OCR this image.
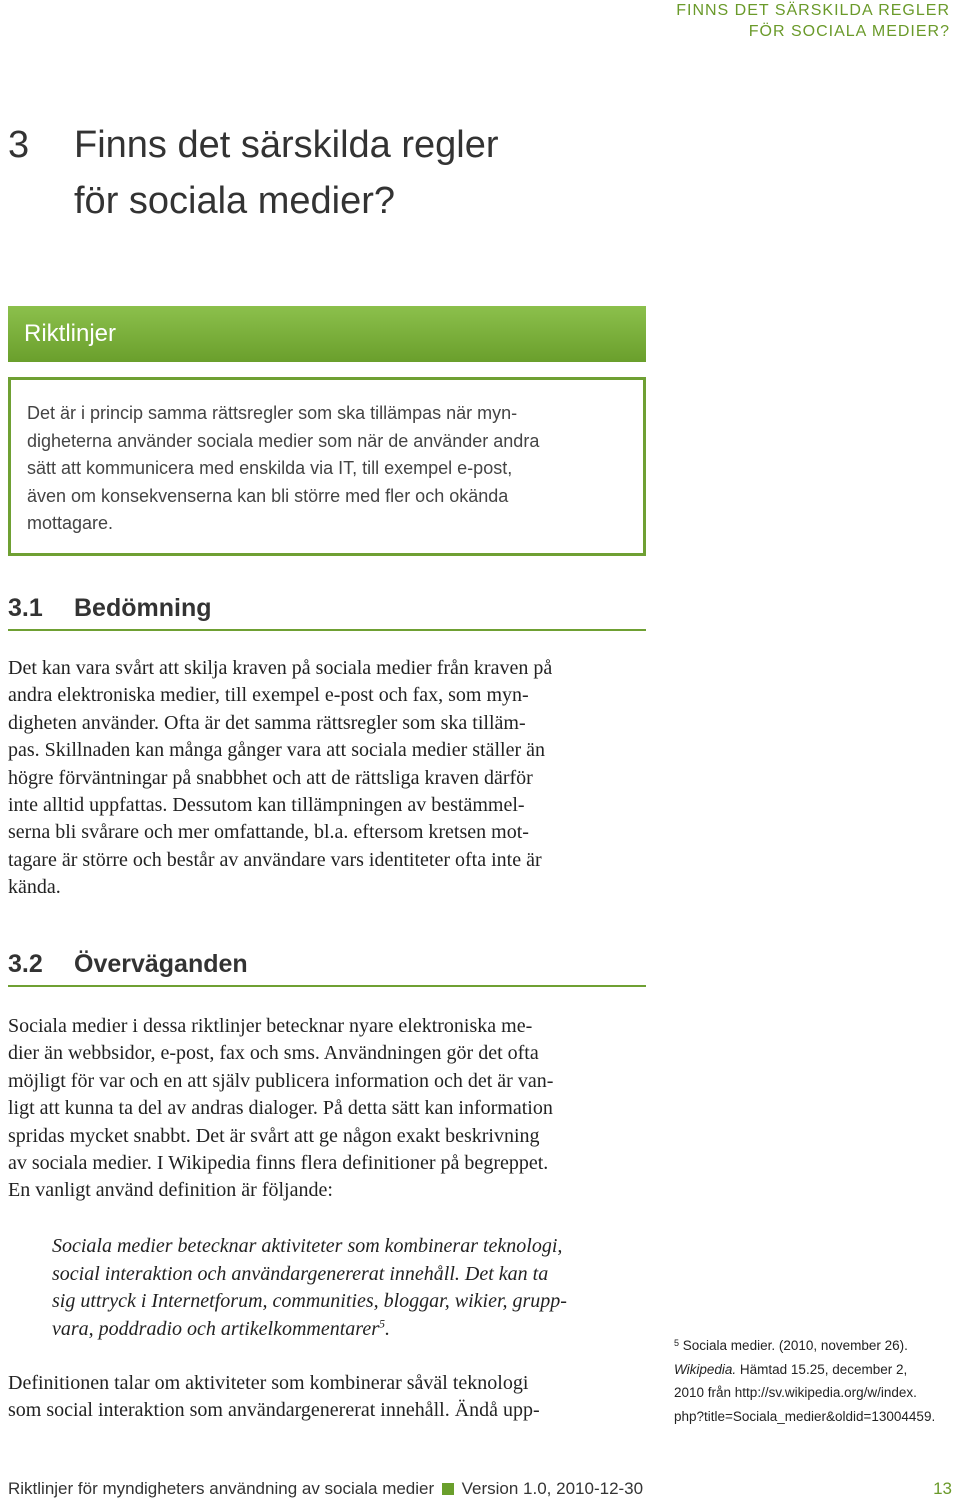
FINNS DET SÄRSKILDA REGLER
FÖR SOCIALA MEDIER?
3 Finns det särskilda regler
för sociala medier?
Riktlinjer
Det är i princip samma rättsregler som ska tillämpas när myn-
digheterna använder sociala medier som när de använder andra
sätt att kommunicera med enskilda via IT, till exempel e-post,
även om konsekvenserna kan bli större med fler och okända
mottagare.
3.1 Bedömning
Det kan vara svårt att skilja kraven på sociala medier från kraven på
andra elektroniska medier, till exempel e-post och fax, som myn-
digheten använder. Ofta är det samma rättsregler som ska tilläm-
pas. Skillnaden kan många gånger vara att sociala medier ställer än
högre förväntningar på snabbhet och att de rättsliga kraven därför
inte alltid uppfattas. Dessutom kan tillämpningen av bestämmel-
serna bli svårare och mer omfattande, bl.a. eftersom kretsen mot-
tagare är större och består av användare vars identiteter ofta inte är
kända.
3.2 Överväganden
Sociala medier i dessa riktlinjer betecknar nyare elektroniska me-
dier än webbsidor, e-post, fax och sms. Användningen gör det ofta
möjligt för var och en att själv publicera information och det är van-
ligt att kunna ta del av andras dialoger. På detta sätt kan information
spridas mycket snabbt. Det är svårt att ge någon exakt beskrivning
av sociala medier. I Wikipedia finns flera definitioner på begreppet.
En vanligt använd definition är följande:
Sociala medier betecknar aktiviteter som kombinerar teknologi,
social interaktion och användargenererat innehåll. Det kan ta
sig uttryck i Internetforum, communities, bloggar, wikier, grupp-
vara, poddradio och artikelkommentarer$^5$.
Definitionen talar om aktiviteter som kombinerar såväl teknologi
som social interaktion som användargenererat innehåll. Ändå upp-
$^5$ Sociala medier. (2010, november 26).
Wikipedia. Hämtad 15.25, december 2,
2010 från http://sv.wikipedia.org/w/index.
php?title=Sociala_medier&oldid=13004459.
Riktlinjer för myndigheters användning av sociala medier Version 1.0, 2010-12-30	13
